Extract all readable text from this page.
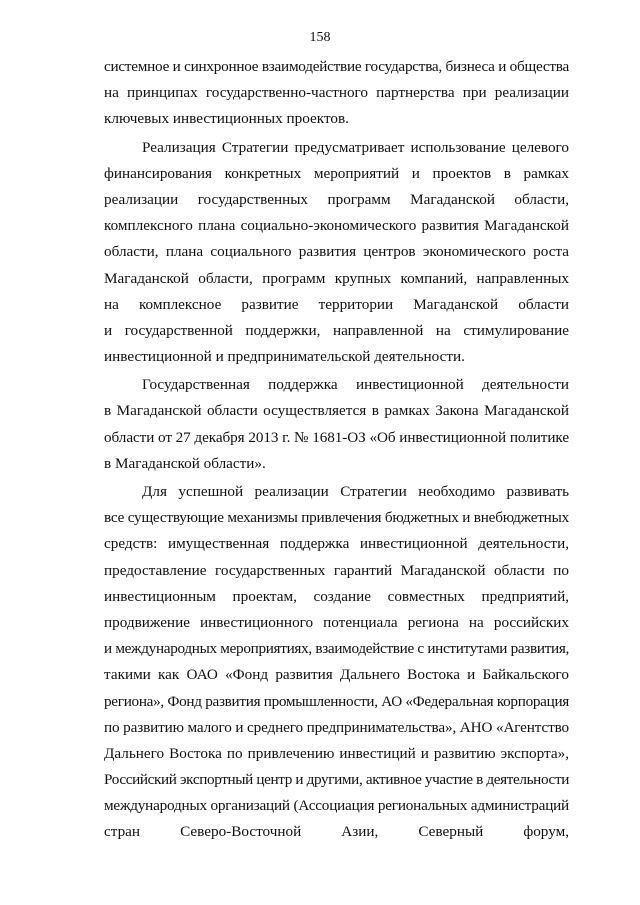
158
системное и синхронное взаимодействие государства, бизнеса и общества
на принципах государственно-частного партнерства при реализации
ключевых инвестиционных проектов.
Реализация Стратегии предусматривает использование целевого
финансирования конкретных мероприятий и проектов в рамках
реализации государственных программ Магаданской области,
комплексного плана социально-экономического развития Магаданской
области, плана социального развития центров экономического роста
Магаданской области, программ крупных компаний, направленных
на комплексное развитие территории Магаданской области
и государственной поддержки, направленной на стимулирование
инвестиционной и предпринимательской деятельности.
Государственная поддержка инвестиционной деятельности
в Магаданской области осуществляется в рамках Закона Магаданской
области от 27 декабря 2013 г. № 1681-ОЗ «Об инвестиционной политике
в Магаданской области».
Для успешной реализации Стратегии необходимо развивать
все существующие механизмы привлечения бюджетных и внебюджетных
средств: имущественная поддержка инвестиционной деятельности,
предоставление государственных гарантий Магаданской области по
инвестиционным проектам, создание совместных предприятий,
продвижение инвестиционного потенциала региона на российских
и международных мероприятиях, взаимодействие с институтами развития,
такими как ОАО «Фонд развития Дальнего Востока и Байкальского
региона», Фонд развития промышленности, АО «Федеральная корпорация
по развитию малого и среднего предпринимательства», АНО «Агентство
Дальнего Востока по привлечению инвестиций и развитию экспорта»,
Российский экспортный центр и другими, активное участие в деятельности
международных организаций (Ассоциация региональных администраций
стран Северо-Восточной Азии, Северный форум,
